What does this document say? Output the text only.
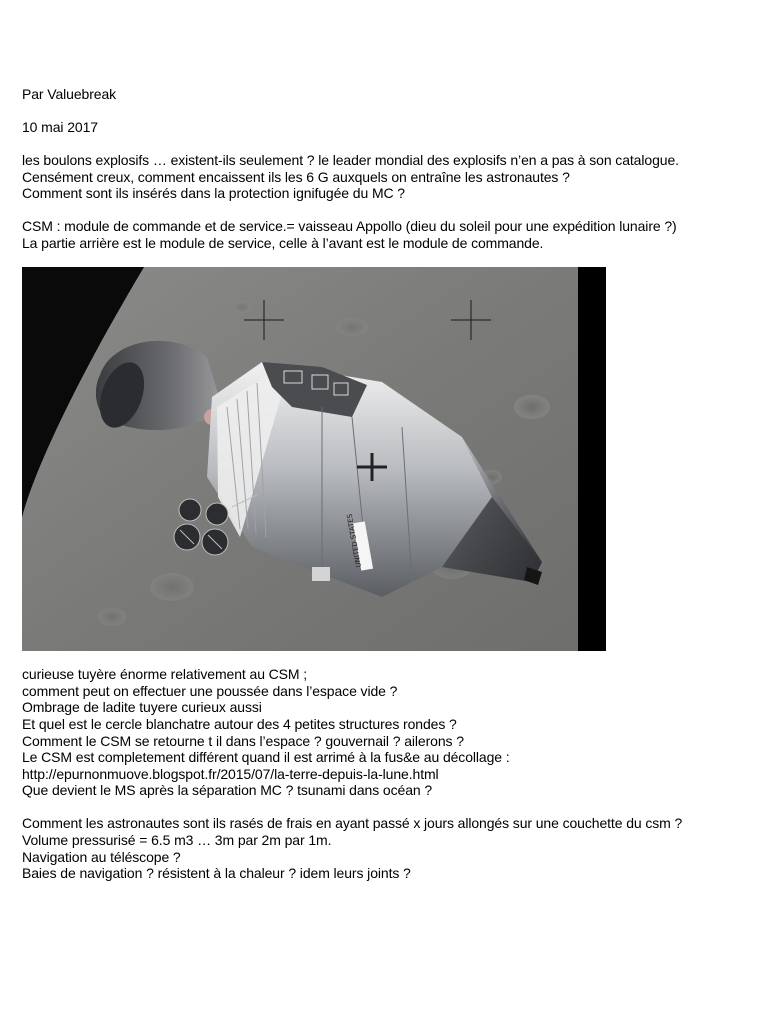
Par Valuebreak
10 mai 2017
les boulons explosifs … existent-ils seulement ? le leader mondial des explosifs n’en a pas à son catalogue.
Censément creux, comment encaissent ils les 6 G auxquels on entraîne les astronautes ?
Comment sont ils insérés dans la protection ignifugée du MC ?
CSM : module de commande et de service.= vaisseau Appollo (dieu du soleil pour une expédition lunaire ?)
La partie arrière est le module de service, celle à l’avant est le module de commande.
UNITED STATES
curieuse tuyère énorme relativement au CSM ;
comment peut on effectuer une poussée dans l’espace vide ?
Ombrage de ladite tuyere curieux aussi
Et quel est le cercle blanchatre autour des 4 petites structures rondes ?
Comment le CSM se retourne t il dans l’espace ? gouvernail ? ailerons ?
Le CSM est completement différent quand il est arrimé à la fus&e au décollage :
http://epurnonmuove.blogspot.fr/2015/07/la-terre-depuis-la-lune.html
Que devient le MS après la séparation MC ? tsunami dans océan ?
Comment les astronautes sont ils rasés de frais en ayant passé x jours allongés sur une couchette du csm ?
Volume pressurisé = 6.5 m3 … 3m par 2m par 1m.
Navigation au téléscope ?
Baies de navigation ? résistent à la chaleur ? idem leurs joints ?
